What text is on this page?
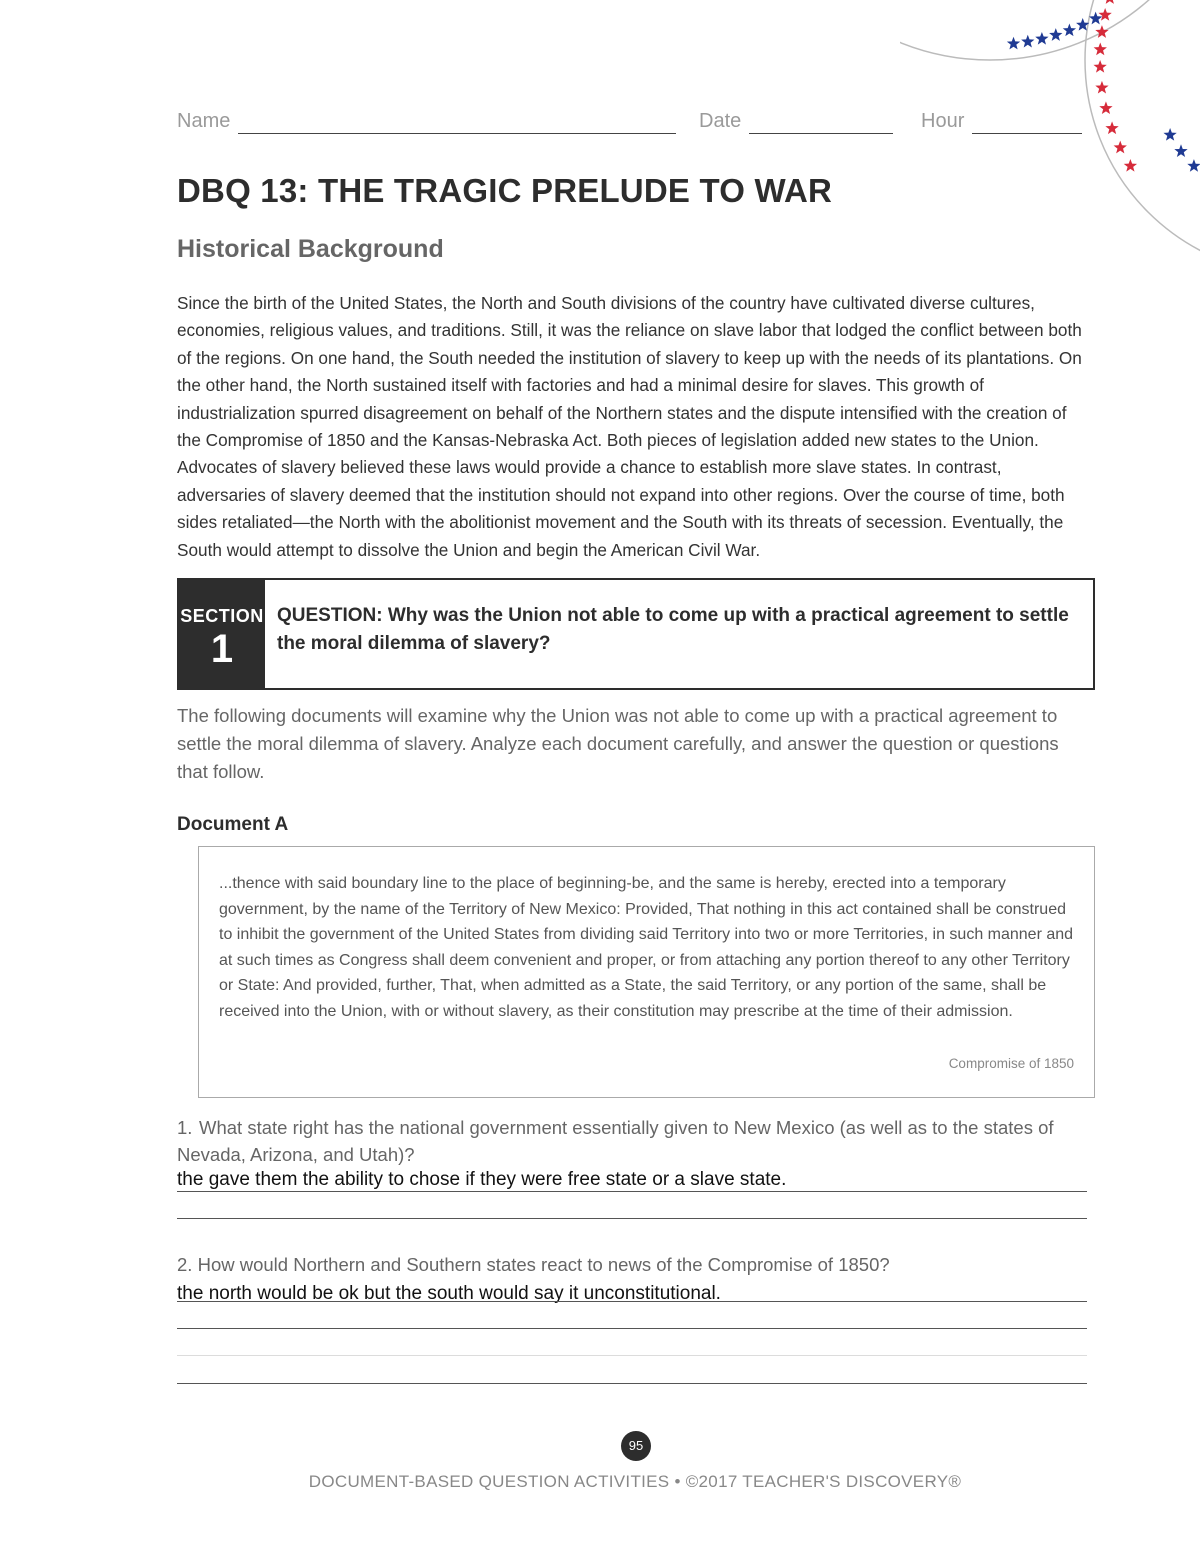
Name	Date	Hour
DBQ 13: THE TRAGIC PRELUDE TO WAR
Historical Background

Since the birth of the United States, the North and South divisions of the country have cultivated diverse cultures, economies, religious values, and traditions. Still, it was the reliance on slave labor that lodged the conflict between both of the regions. On one hand, the South needed the institution of slavery to keep up with the needs of its plantations. On the other hand, the North sustained itself with factories and had a minimal desire for slaves. This growth of industrialization spurred disagreement on behalf of the Northern states and the dispute intensified with the creation of the Compromise of 1850 and the Kansas-Nebraska Act. Both pieces of legislation added new states to the Union. Advocates of slavery believed these laws would provide a chance to establish more slave states. In contrast, adversaries of slavery deemed that the institution should not expand into other regions. Over the course of time, both sides retaliated—the North with the abolitionist movement and the South with its threats of secession. Eventually, the South would attempt to dissolve the Union and begin the American Civil War.

SECTION
1
QUESTION: Why was the Union not able to come up with a practical agreement to settle the moral dilemma of slavery?

The following documents will examine why the Union was not able to come up with a practical agreement to settle the moral dilemma of slavery. Analyze each document carefully, and answer the question or questions that follow.

Document A

...thence with said boundary line to the place of beginning-be, and the same is hereby, erected into a temporary government, by the name of the Territory of New Mexico: Provided, That nothing in this act contained shall be construed to inhibit the government of the United States from dividing said Territory into two or more Territories, in such manner and at such times as Congress shall deem convenient and proper, or from attaching any portion thereof to any other Territory or State: And provided, further, That, when admitted as a State, the said Territory, or any portion of the same, shall be received into the Union, with or without slavery, as their constitution may prescribe at the time of their admission.

Compromise of 1850
1. What state right has the national government essentially given to New Mexico (as well as to the states of Nevada, Arizona, and Utah)?
the gave them the ability to chose if they were free state or a slave state.
2. How would Northern and Southern states react to news of the Compromise of 1850?
the north would be ok but the south would say it unconstitutional.
95
DOCUMENT-BASED QUESTION ACTIVITIES • ©2017 TEACHER'S DISCOVERY®
